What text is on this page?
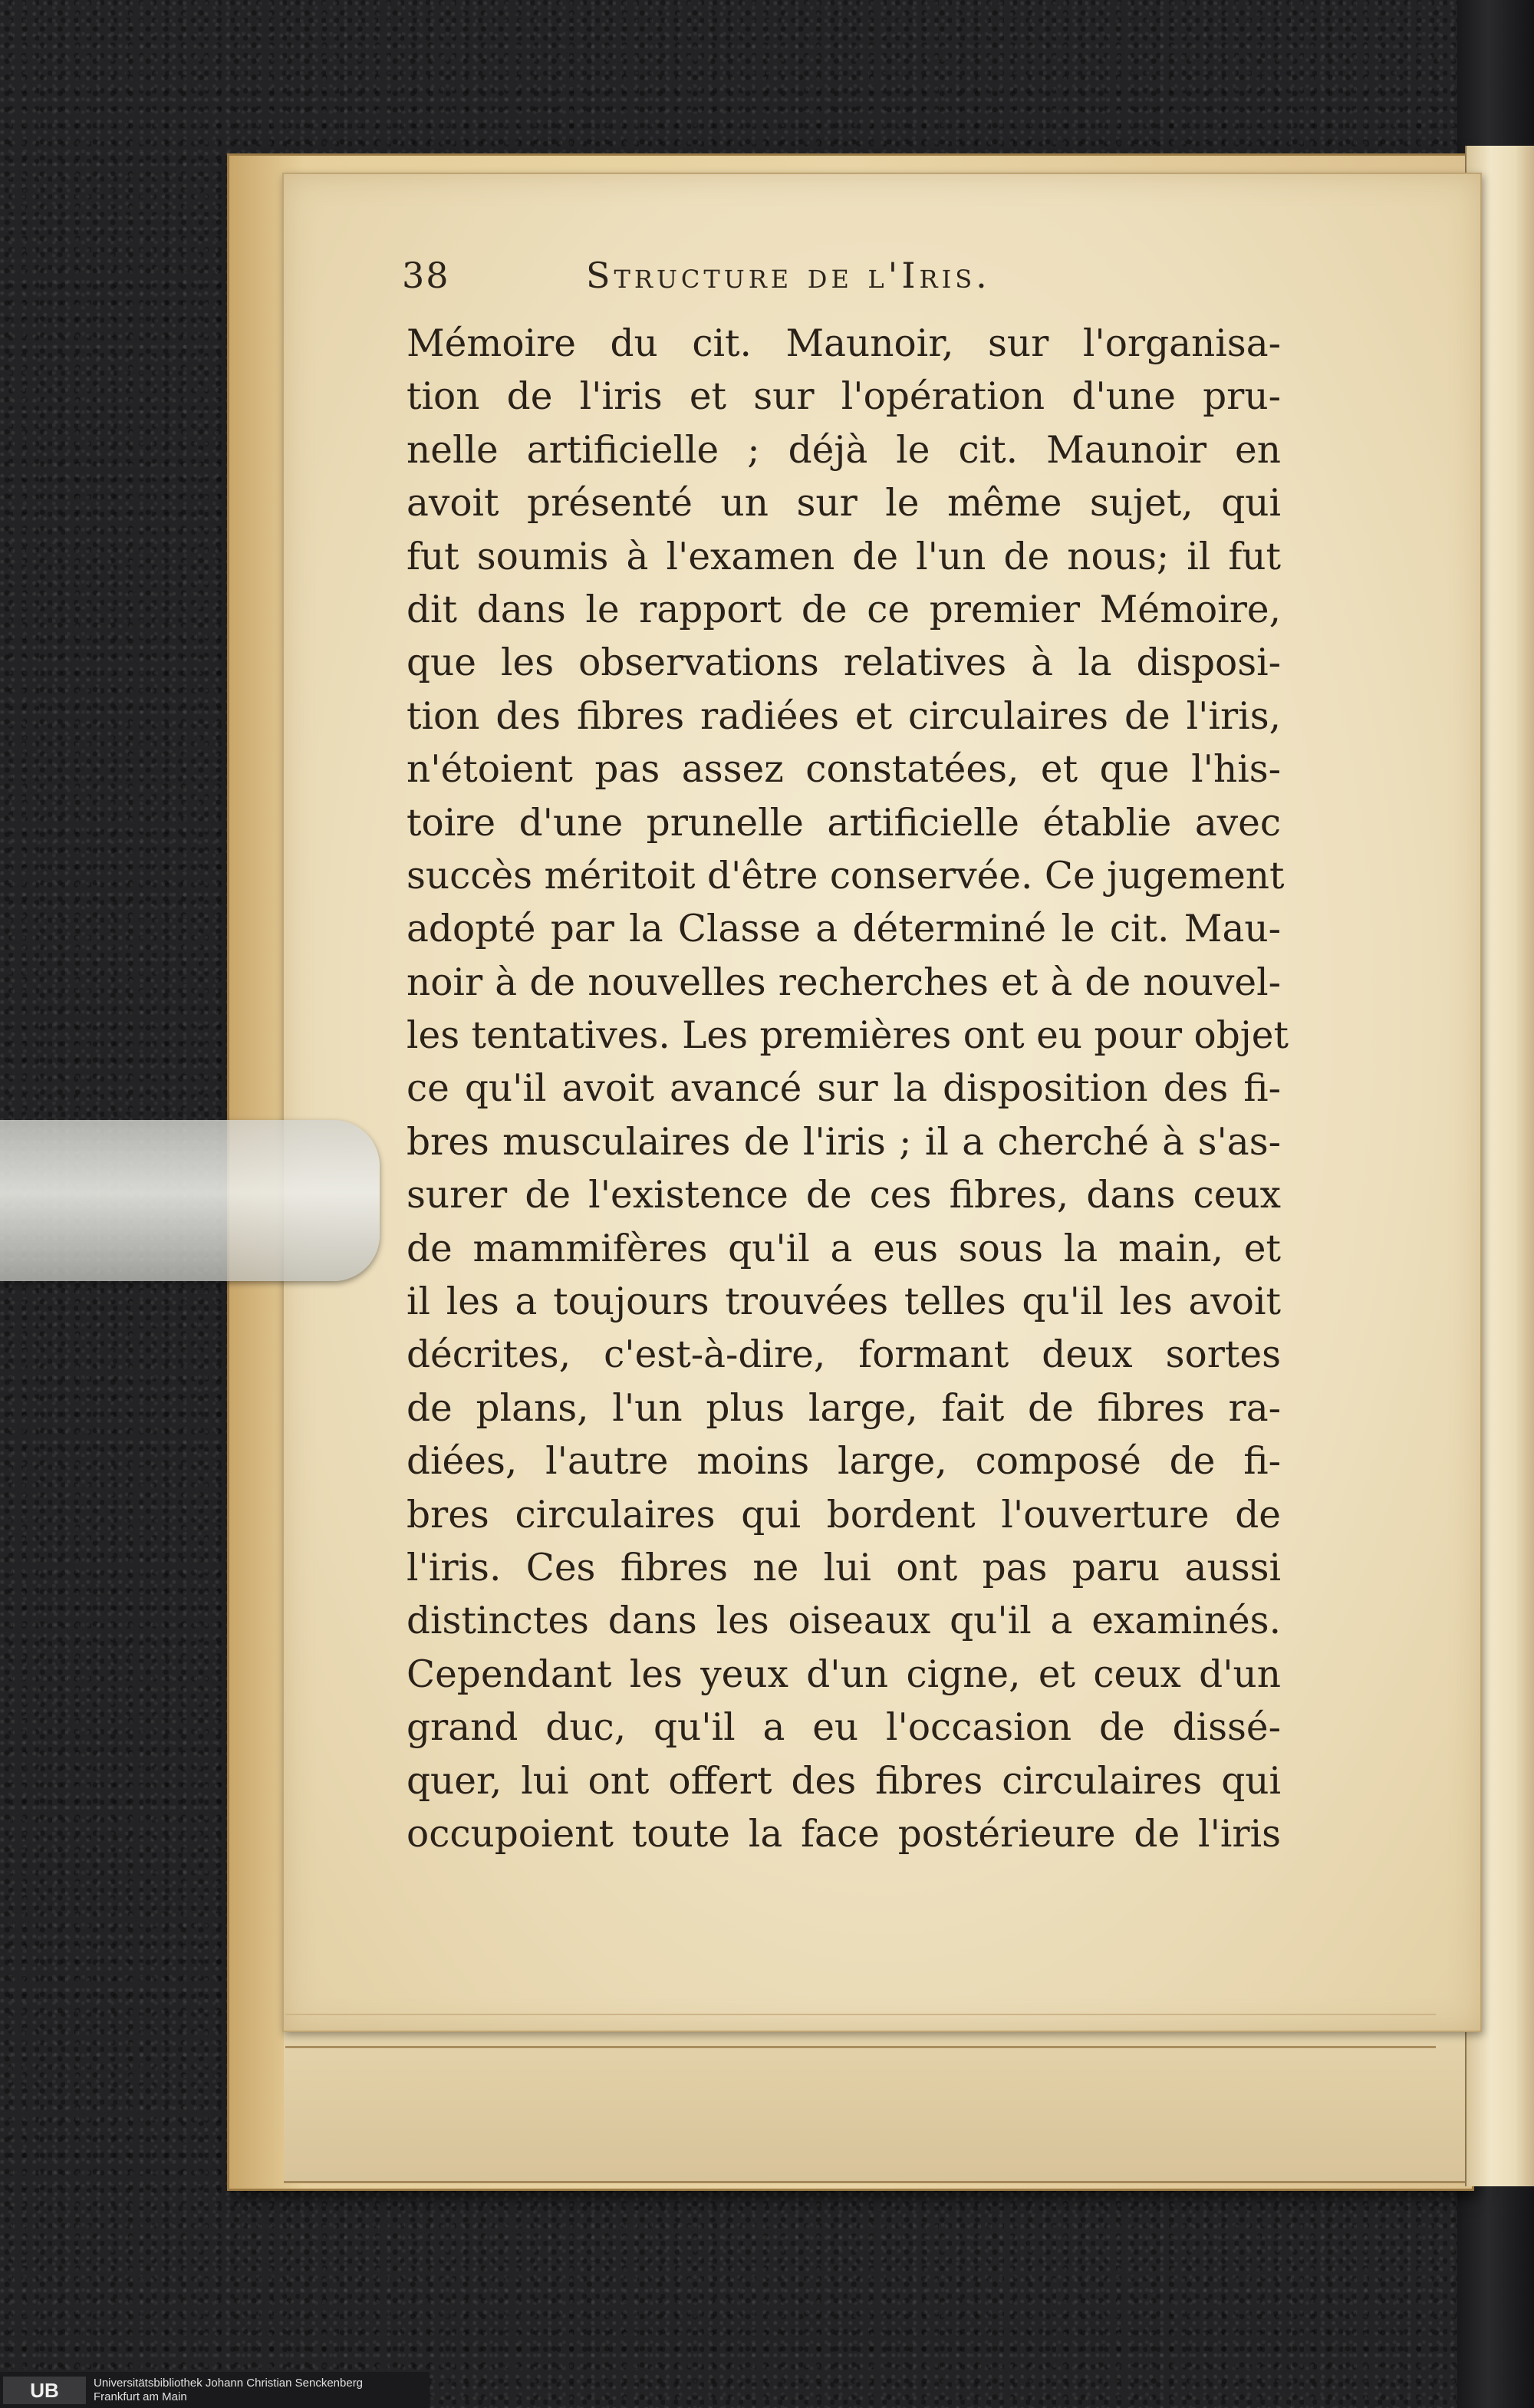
38	Structure de l'Iris.
Mémoire du cit. Maunoir, sur l'organisa-
tion de l'iris et sur l'opération d'une pru-
nelle artificielle ; déjà le cit. Maunoir en
avoit présenté un sur le même sujet, qui
fut soumis à l'examen de l'un de nous; il fut
dit dans le rapport de ce premier Mémoire,
que les observations relatives à la disposi-
tion des fibres radiées et circulaires de l'iris,
n'étoient pas assez constatées, et que l'his-
toire d'une prunelle artificielle établie avec
succès méritoit d'être conservée. Ce jugement
adopté par la Classe a déterminé le cit. Mau-
noir à de nouvelles recherches et à de nouvel-
les tentatives. Les premières ont eu pour objet
ce qu'il avoit avancé sur la disposition des fi-
bres musculaires de l'iris ; il a cherché à s'as-
surer de l'existence de ces fibres, dans ceux
de mammifères qu'il a eus sous la main, et
il les a toujours trouvées telles qu'il les avoit
décrites, c'est-à-dire, formant deux sortes
de plans, l'un plus large, fait de fibres ra-
diées, l'autre moins large, composé de fi-
bres circulaires qui bordent l'ouverture de
l'iris. Ces fibres ne lui ont pas paru aussi
distinctes dans les oiseaux qu'il a examinés.
Cependant les yeux d'un cigne, et ceux d'un
grand duc, qu'il a eu l'occasion de dissé-
quer, lui ont offert des fibres circulaires qui
occupoient toute la face postérieure de l'iris
UB	Universitätsbibliothek Johann Christian Senckenberg
Frankfurt am Main
